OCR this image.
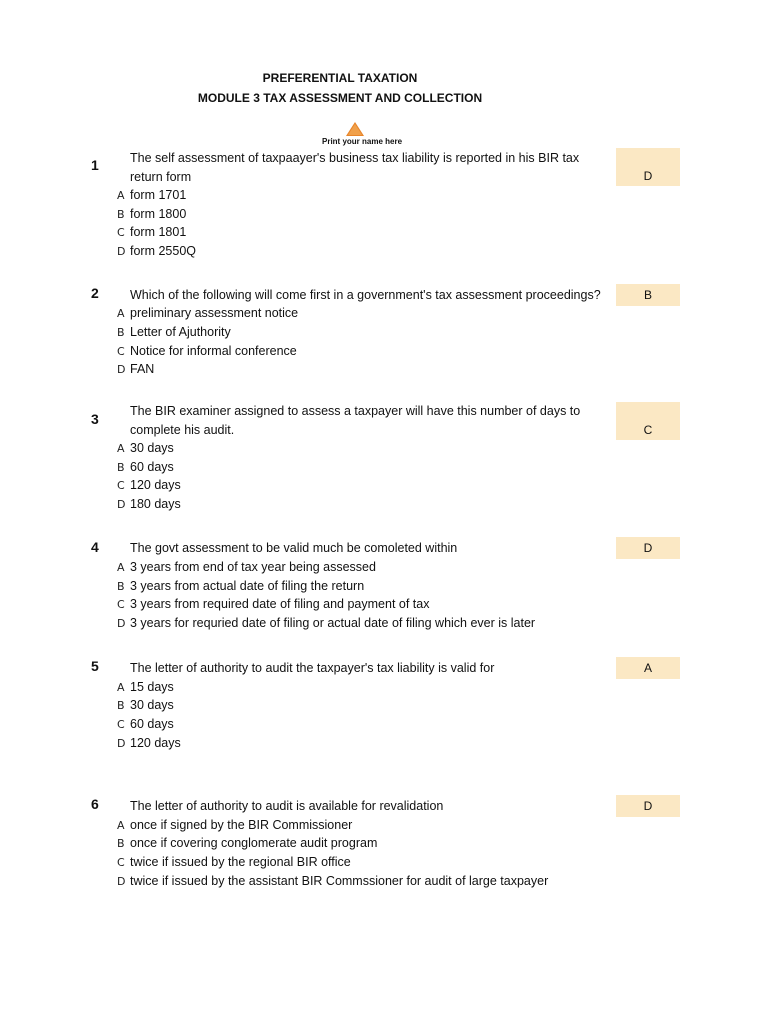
PREFERENTIAL TAXATION
MODULE 3 TAX ASSESSMENT AND COLLECTION
Print your name here
1 The self assessment of taxpaayer's business tax liability is reported in his BIR tax return form	D
A form 1701
B form 1800
C form 1801
D form 2550Q
2 Which of the following will come first in a government's tax assessment proceedings?	B
A preliminary assessment notice
B Letter of Ajuthority
C Notice for informal conference
D FAN
3 The BIR examiner assigned to assess a taxpayer will have this number of days to complete his audit.	C
A 30 days
B 60 days
C 120 days
D 180 days
4 The govt assessment to be valid much be comoleted within	D
A 3 years from end of tax year being assessed
B 3 years from actual date of filing the return
C 3 years from required date of filing and payment of tax
D 3 years for requried date of filing or actual date of filing which ever is later
5 The letter of authority to audit the taxpayer's tax liability is valid for	A
A 15 days
B 30 days
C 60 days
D 120 days
6 The letter of authority to audit is available for revalidation	D
A once if signed by the BIR Commissioner
B once if covering conglomerate audit program
C twice if issued by the regional BIR office
D twice if issued by the assistant BIR Commssioner for audit of large taxpayer
